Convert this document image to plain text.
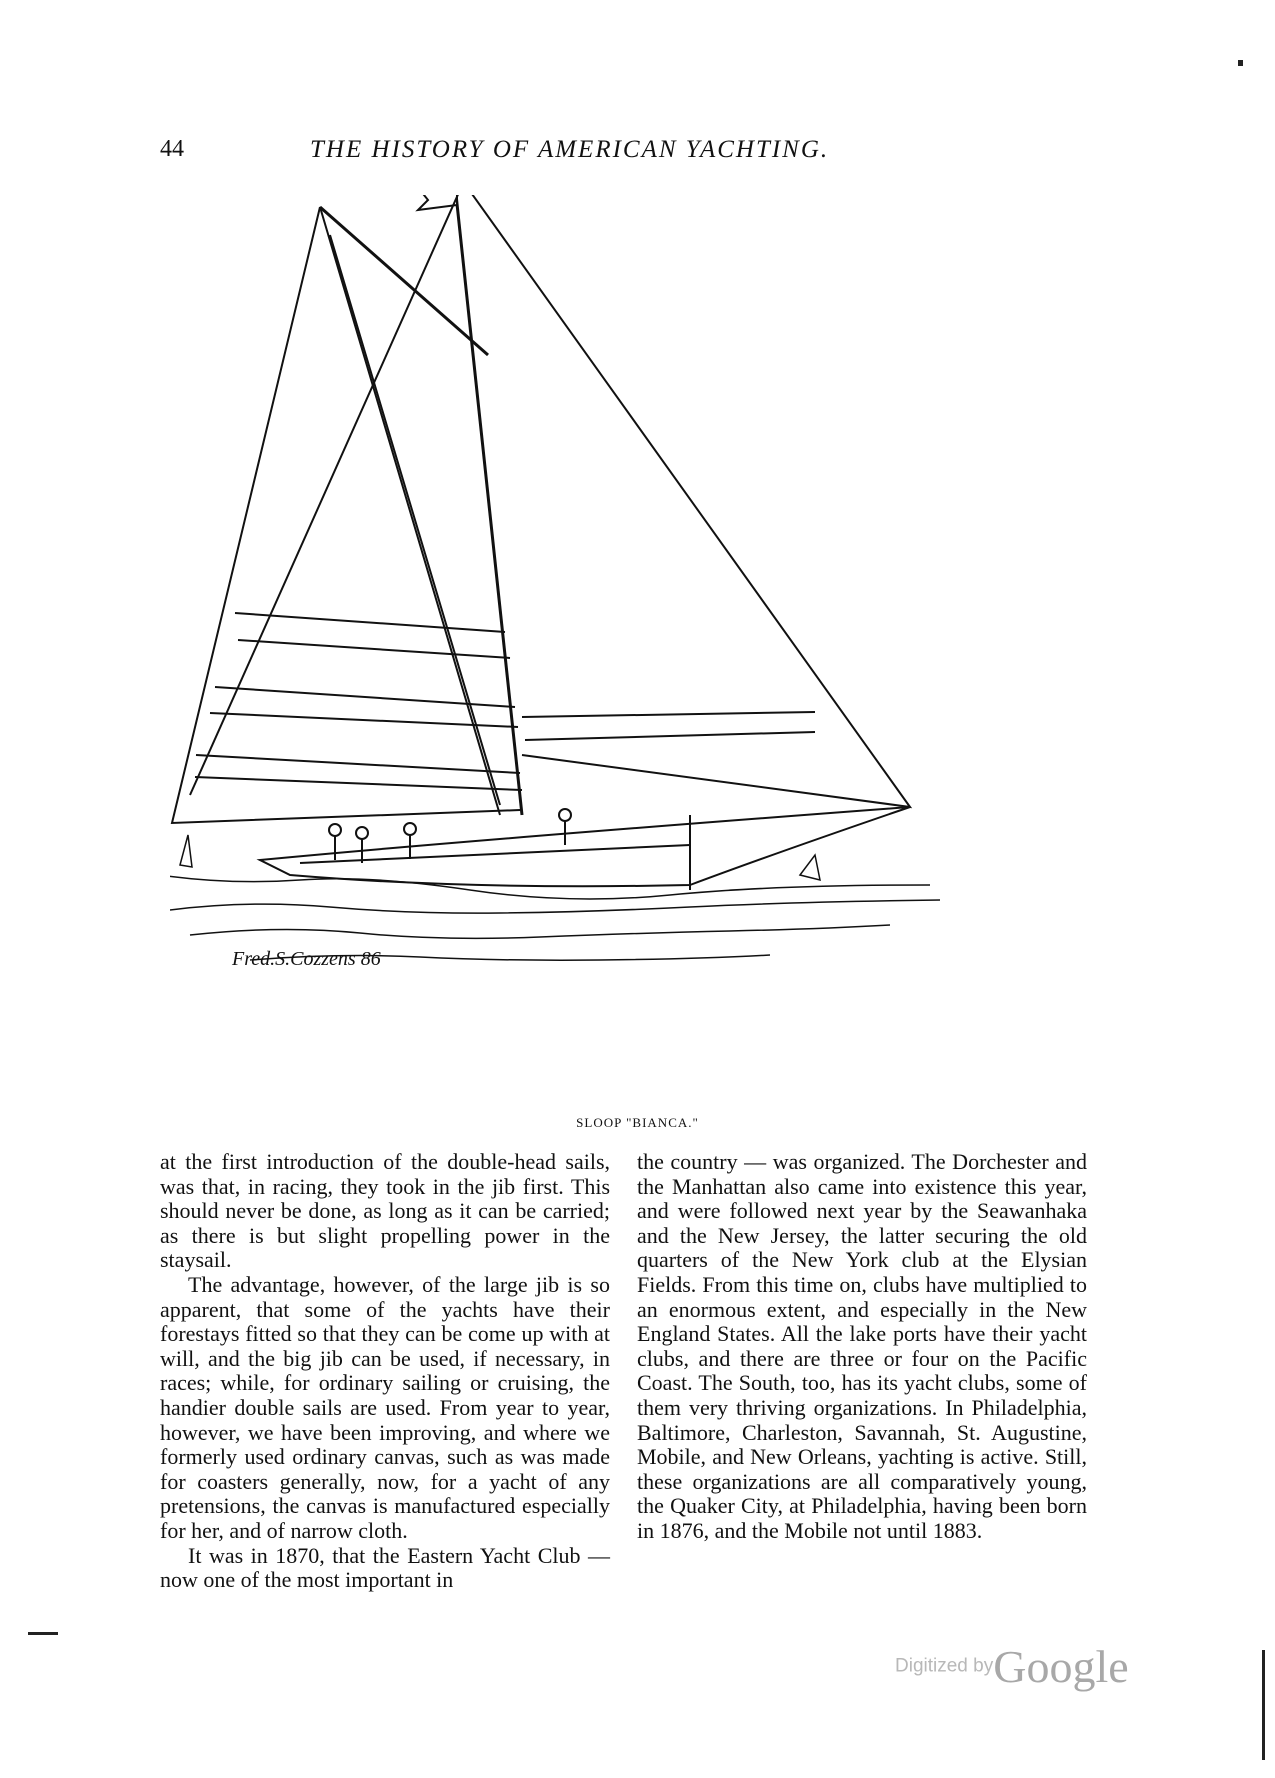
44	THE HISTORY OF AMERICAN YACHTING.
Fred.S.Cozzens 86
SLOOP "BIANCA."

at the first introduction of the double-head sails, was that, in racing, they took in the jib first. This should never be done, as long as it can be carried; as there is but slight propelling power in the staysail.

The advantage, however, of the large jib is so apparent, that some of the yachts have their forestays fitted so that they can be come up with at will, and the big jib can be used, if necessary, in races; while, for ordinary sailing or cruising, the handier double sails are used. From year to year, however, we have been improving, and where we formerly used ordinary canvas, such as was made for coasters generally, now, for a yacht of any pretensions, the canvas is manufactured especially for her, and of narrow cloth.

It was in 1870, that the Eastern Yacht Club — now one of the most important in

the country — was organized. The Dorchester and the Manhattan also came into existence this year, and were followed next year by the Seawanhaka and the New Jersey, the latter securing the old quarters of the New York club at the Elysian Fields. From this time on, clubs have multiplied to an enormous extent, and especially in the New England States. All the lake ports have their yacht clubs, and there are three or four on the Pacific Coast. The South, too, has its yacht clubs, some of them very thriving organizations. In Philadelphia, Baltimore, Charleston, Savannah, St. Augustine, Mobile, and New Orleans, yachting is active. Still, these organizations are all comparatively young, the Quaker City, at Philadelphia, having been born in 1876, and the Mobile not until 1883.

Digitized byGoogle
